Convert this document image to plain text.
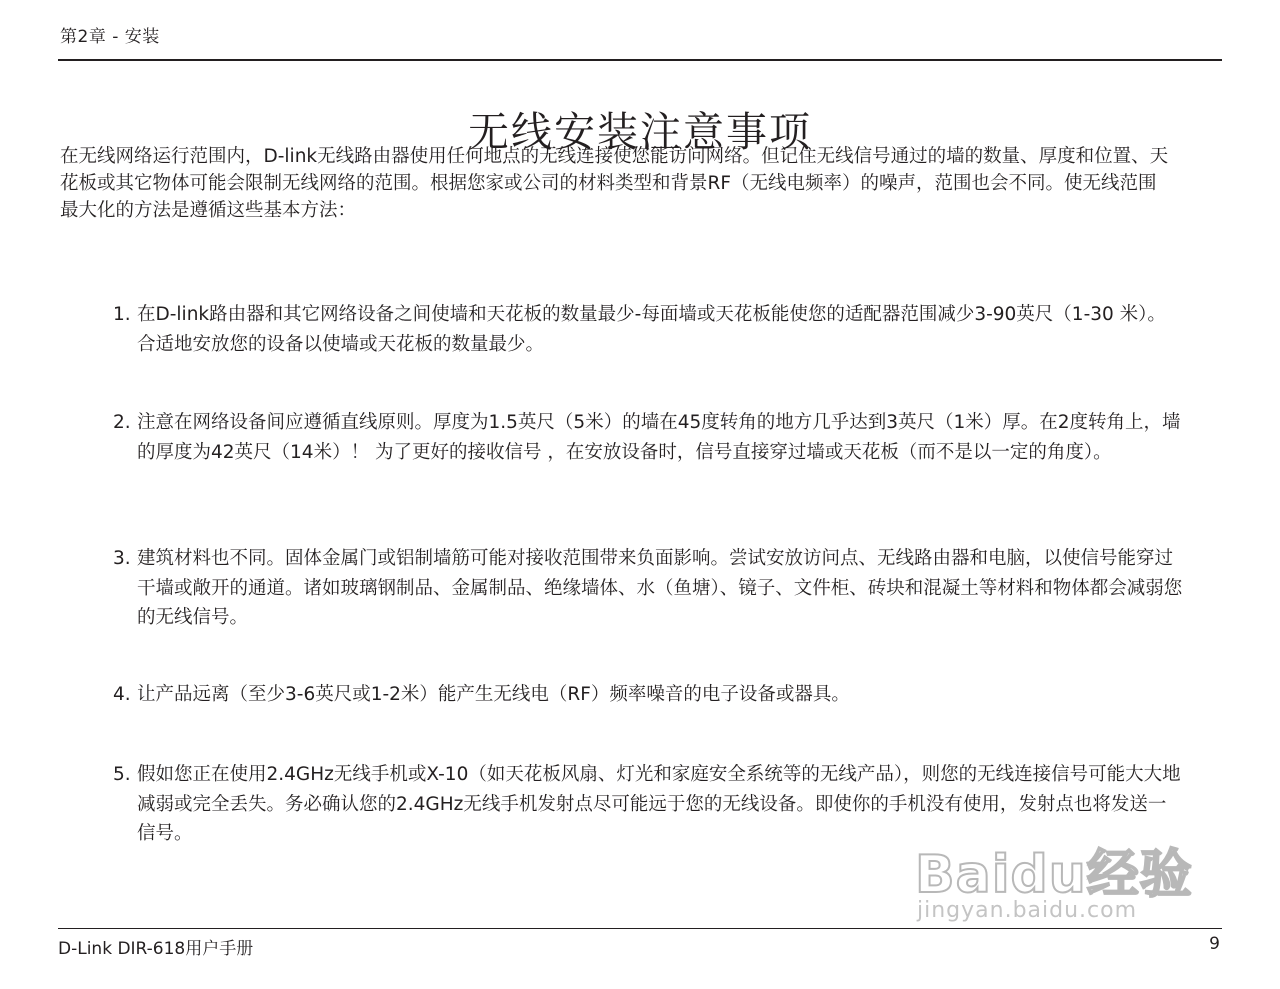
第2章 - 安装
无线安装注意事项
在无线网络运行范围内，D-link无线路由器使用任何地点的无线连接使您能访问网络。但记住无线信号通过的墙的数量、厚度和位置、天花板或其它物体可能会限制无线网络的范围。根据您家或公司的材料类型和背景RF（无线电频率）的噪声，范围也会不同。使无线范围最大化的方法是遵循这些基本方法：
1. 在D-link路由器和其它网络设备之间使墙和天花板的数量最少-每面墙或天花板能使您的适配器范围减少3-90英尺（1-30 米）。合适地安放您的设备以使墙或天花板的数量最少。
2. 注意在网络设备间应遵循直线原则。厚度为1.5英尺（5米）的墙在45度转角的地方几乎达到3英尺（1米）厚。在2度转角上，墙的厚度为42英尺（14米）！ 为了更好的接收信号 ，在安放设备时，信号直接穿过墙或天花板（而不是以一定的角度）。
3. 建筑材料也不同。固体金属门或铝制墙筋可能对接收范围带来负面影响。尝试安放访问点、无线路由器和电脑，以使信号能穿过干墙或敞开的通道。诸如玻璃钢制品、金属制品、绝缘墙体、水（鱼塘）、镜子、文件柜、砖块和混凝土等材料和物体都会减弱您的无线信号。
4. 让产品远离（至少3-6英尺或1-2米）能产生无线电（RF）频率噪音的电子设备或器具。
5. 假如您正在使用2.4GHz无线手机或X-10（如天花板风扇、灯光和家庭安全系统等的无线产品），则您的无线连接信号可能大大地减弱或完全丢失。务必确认您的2.4GHz无线手机发射点尽可能远于您的无线设备。即使你的手机没有使用，发射点也将发送一信号。
Baidu经验
jingyan.baidu.com
D-Link DIR-618用户手册	9
